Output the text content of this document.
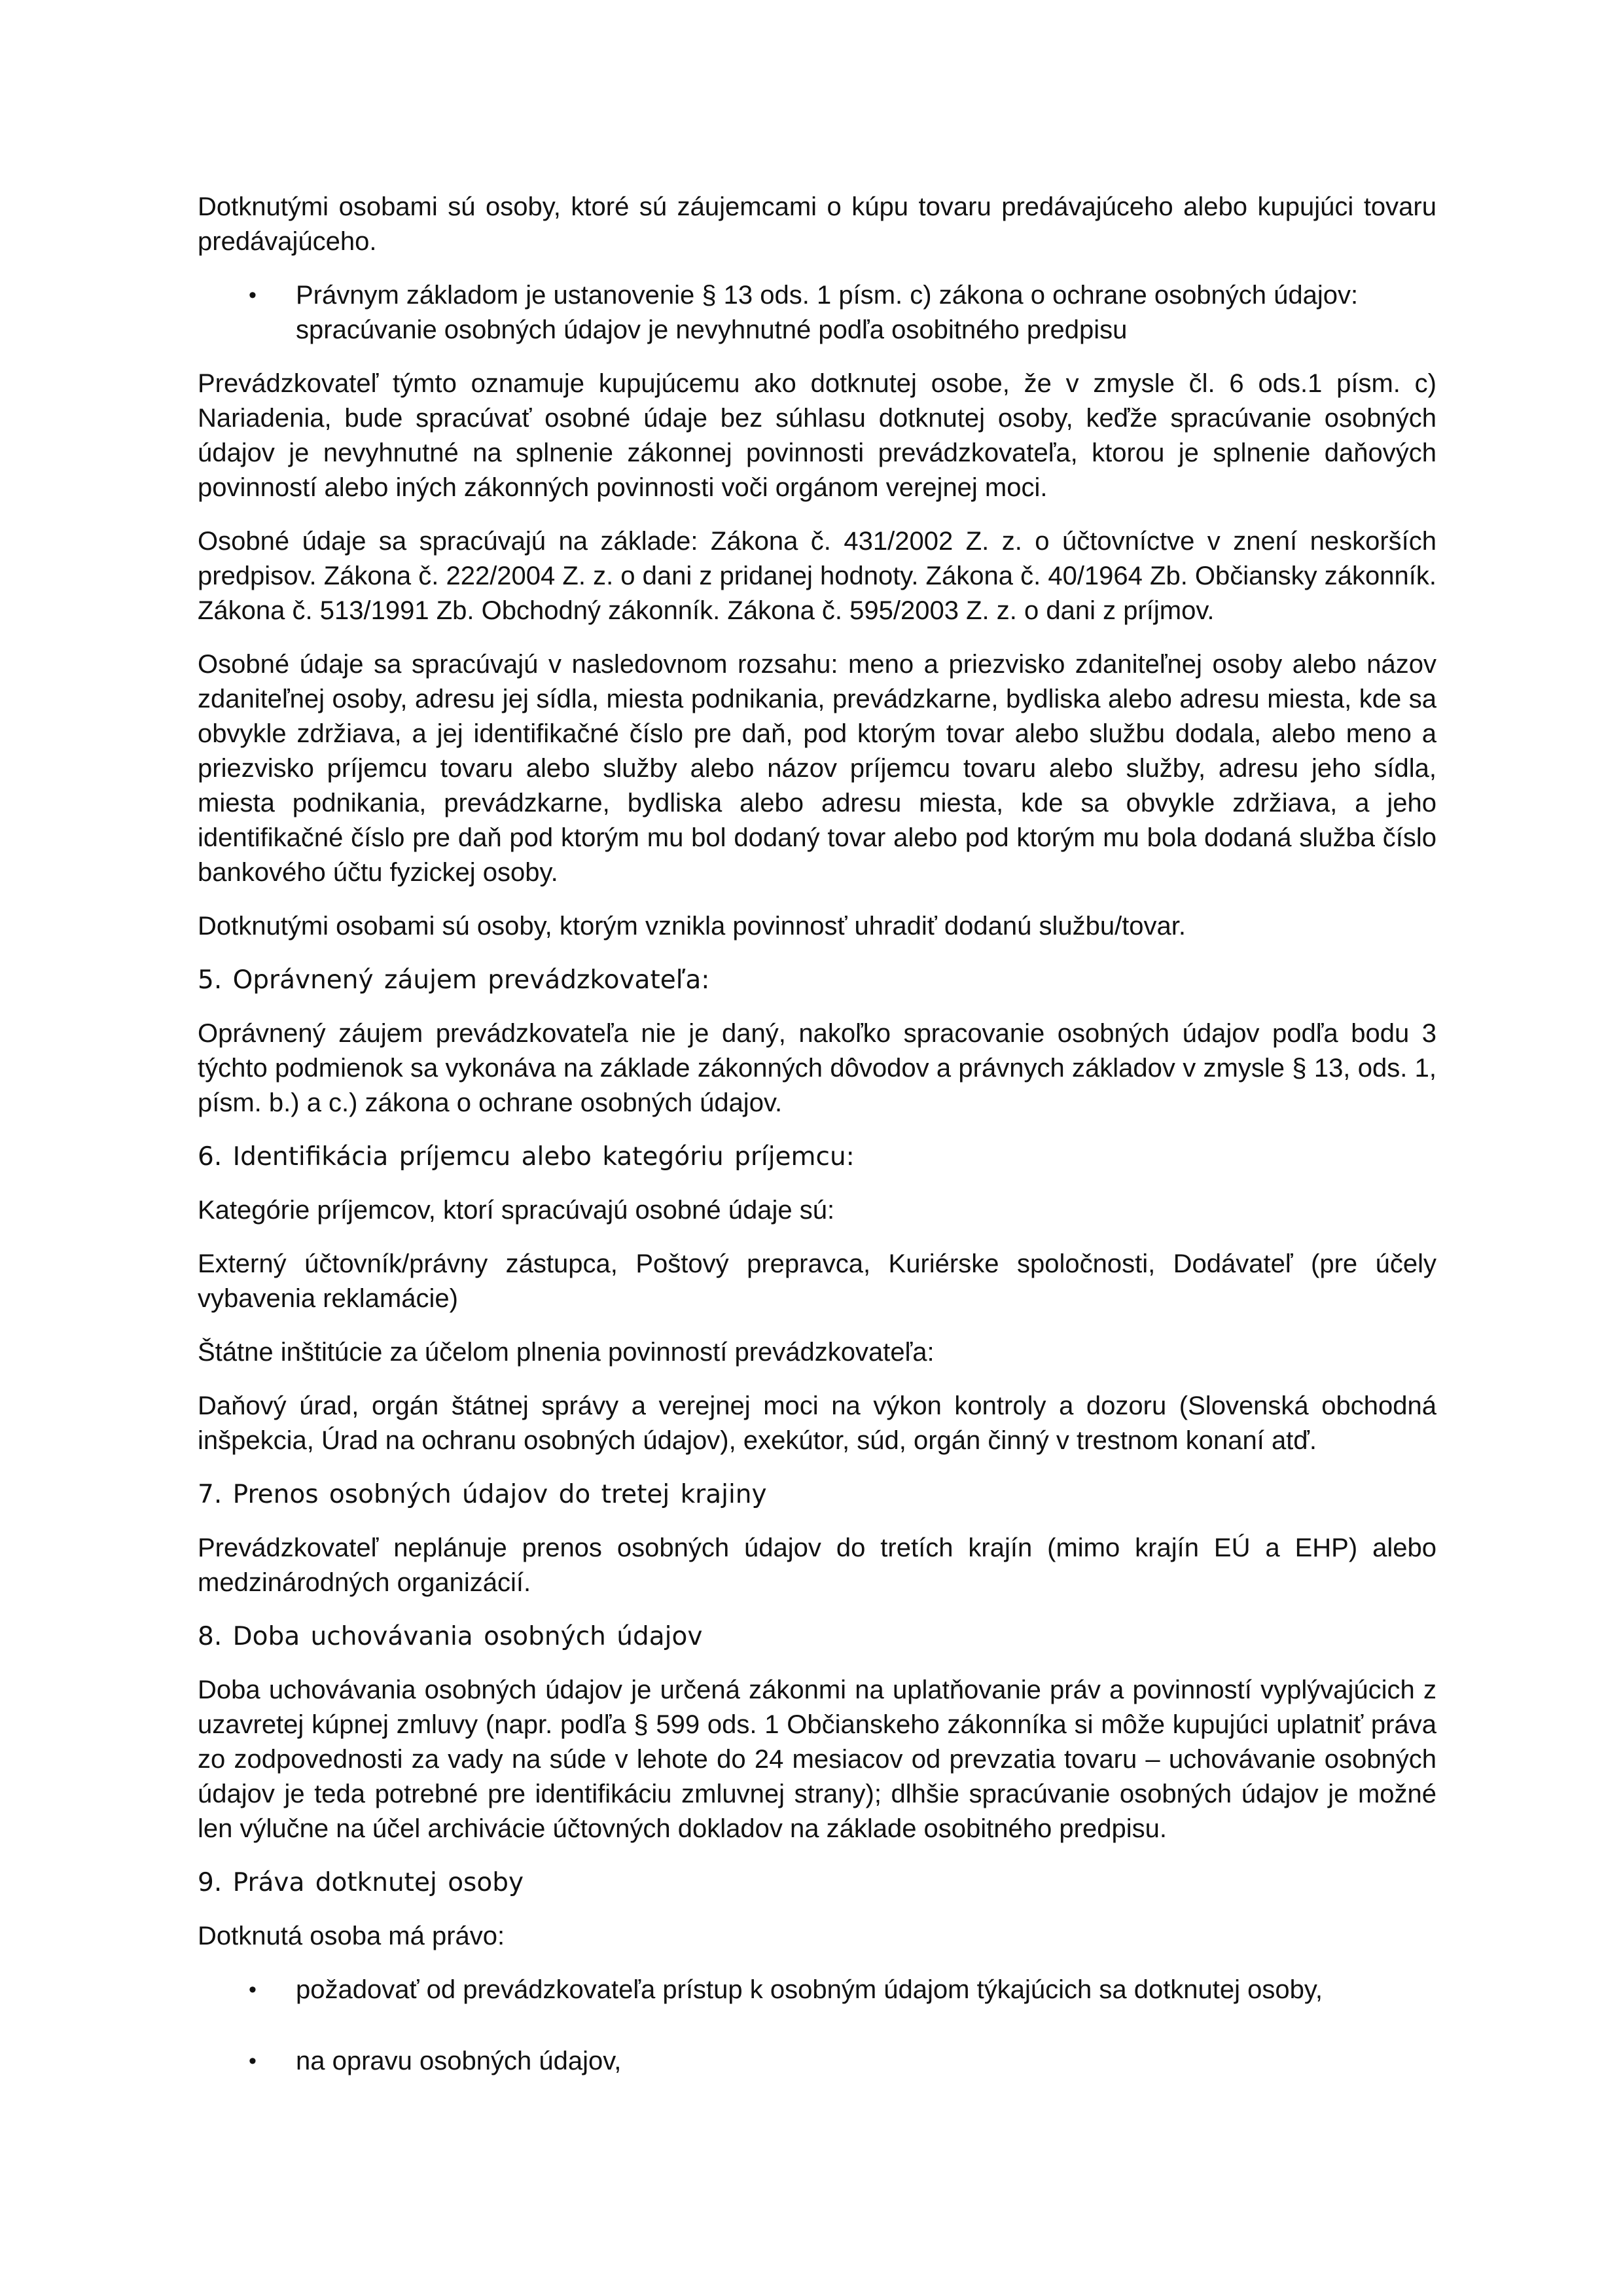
Dotknutými osobami sú osoby, ktoré sú záujemcami o kúpu tovaru predávajúceho alebo kupujúci tovaru predávajúceho.

• Právnym základom je ustanovenie § 13 ods. 1 písm. c) zákona o ochrane osobných údajov: spracúvanie osobných údajov je nevyhnutné podľa osobitného predpisu

Prevádzkovateľ týmto oznamuje kupujúcemu ako dotknutej osobe, že v zmysle čl. 6 ods.1 písm. c) Nariadenia, bude spracúvať osobné údaje bez súhlasu dotknutej osoby, keďže spracúvanie osobných údajov je nevyhnutné na splnenie zákonnej povinnosti prevádzkovateľa, ktorou je splnenie daňových povinností alebo iných zákonných povinnosti voči orgánom verejnej moci.

Osobné údaje sa spracúvajú na základe: Zákona č. 431/2002 Z. z. o účtovníctve v znení neskorších predpisov. Zákona č. 222/2004 Z. z. o dani z pridanej hodnoty. Zákona č. 40/1964 Zb. Občiansky zákonník. Zákona č. 513/1991 Zb. Obchodný zákonník. Zákona č. 595/2003 Z. z. o dani z príjmov.

Osobné údaje sa spracúvajú v nasledovnom rozsahu: meno a priezvisko zdaniteľnej osoby alebo názov zdaniteľnej osoby, adresu jej sídla, miesta podnikania, prevádzkarne, bydliska alebo adresu miesta, kde sa obvykle zdržiava, a jej identifikačné číslo pre daň, pod ktorým tovar alebo službu dodala, alebo meno a priezvisko príjemcu tovaru alebo služby alebo názov príjemcu tovaru alebo služby, adresu jeho sídla, miesta podnikania, prevádzkarne, bydliska alebo adresu miesta, kde sa obvykle zdržiava, a jeho identifikačné číslo pre daň pod ktorým mu bol dodaný tovar alebo pod ktorým mu bola dodaná služba číslo bankového účtu fyzickej osoby.

Dotknutými osobami sú osoby, ktorým vznikla povinnosť uhradiť dodanú službu/tovar.

5. Oprávnený záujem prevádzkovateľa:

Oprávnený záujem prevádzkovateľa nie je daný, nakoľko spracovanie osobných údajov podľa bodu 3 týchto podmienok sa vykonáva na základe zákonných dôvodov a právnych základov v zmysle § 13, ods. 1, písm. b.) a c.) zákona o ochrane osobných údajov.

6. Identifikácia príjemcu alebo kategóriu príjemcu:

Kategórie príjemcov, ktorí spracúvajú osobné údaje sú:

Externý účtovník/právny zástupca, Poštový prepravca, Kuriérske spoločnosti, Dodávateľ (pre účely vybavenia reklamácie)

Štátne inštitúcie za účelom plnenia povinností prevádzkovateľa:

Daňový úrad, orgán štátnej správy a verejnej moci na výkon kontroly a dozoru (Slovenská obchodná inšpekcia, Úrad na ochranu osobných údajov), exekútor, súd, orgán činný v trestnom konaní atď.

7. Prenos osobných údajov do tretej krajiny

Prevádzkovateľ neplánuje prenos osobných údajov do tretích krajín (mimo krajín EÚ a EHP) alebo medzinárodných organizácií.

8. Doba uchovávania osobných údajov

Doba uchovávania osobných údajov je určená zákonmi na uplatňovanie práv a povinností vyplývajúcich z uzavretej kúpnej zmluvy (napr. podľa § 599 ods. 1 Občianskeho zákonníka si môže kupujúci uplatniť práva zo zodpovednosti za vady na súde v lehote do 24 mesiacov od prevzatia tovaru – uchovávanie osobných údajov je teda potrebné pre identifikáciu zmluvnej strany); dlhšie spracúvanie osobných údajov je možné len výlučne na účel archivácie účtovných dokladov na základe osobitného predpisu.

9. Práva dotknutej osoby

Dotknutá osoba má právo:

• požadovať od prevádzkovateľa prístup k osobným údajom týkajúcich sa dotknutej osoby,
• na opravu osobných údajov,
